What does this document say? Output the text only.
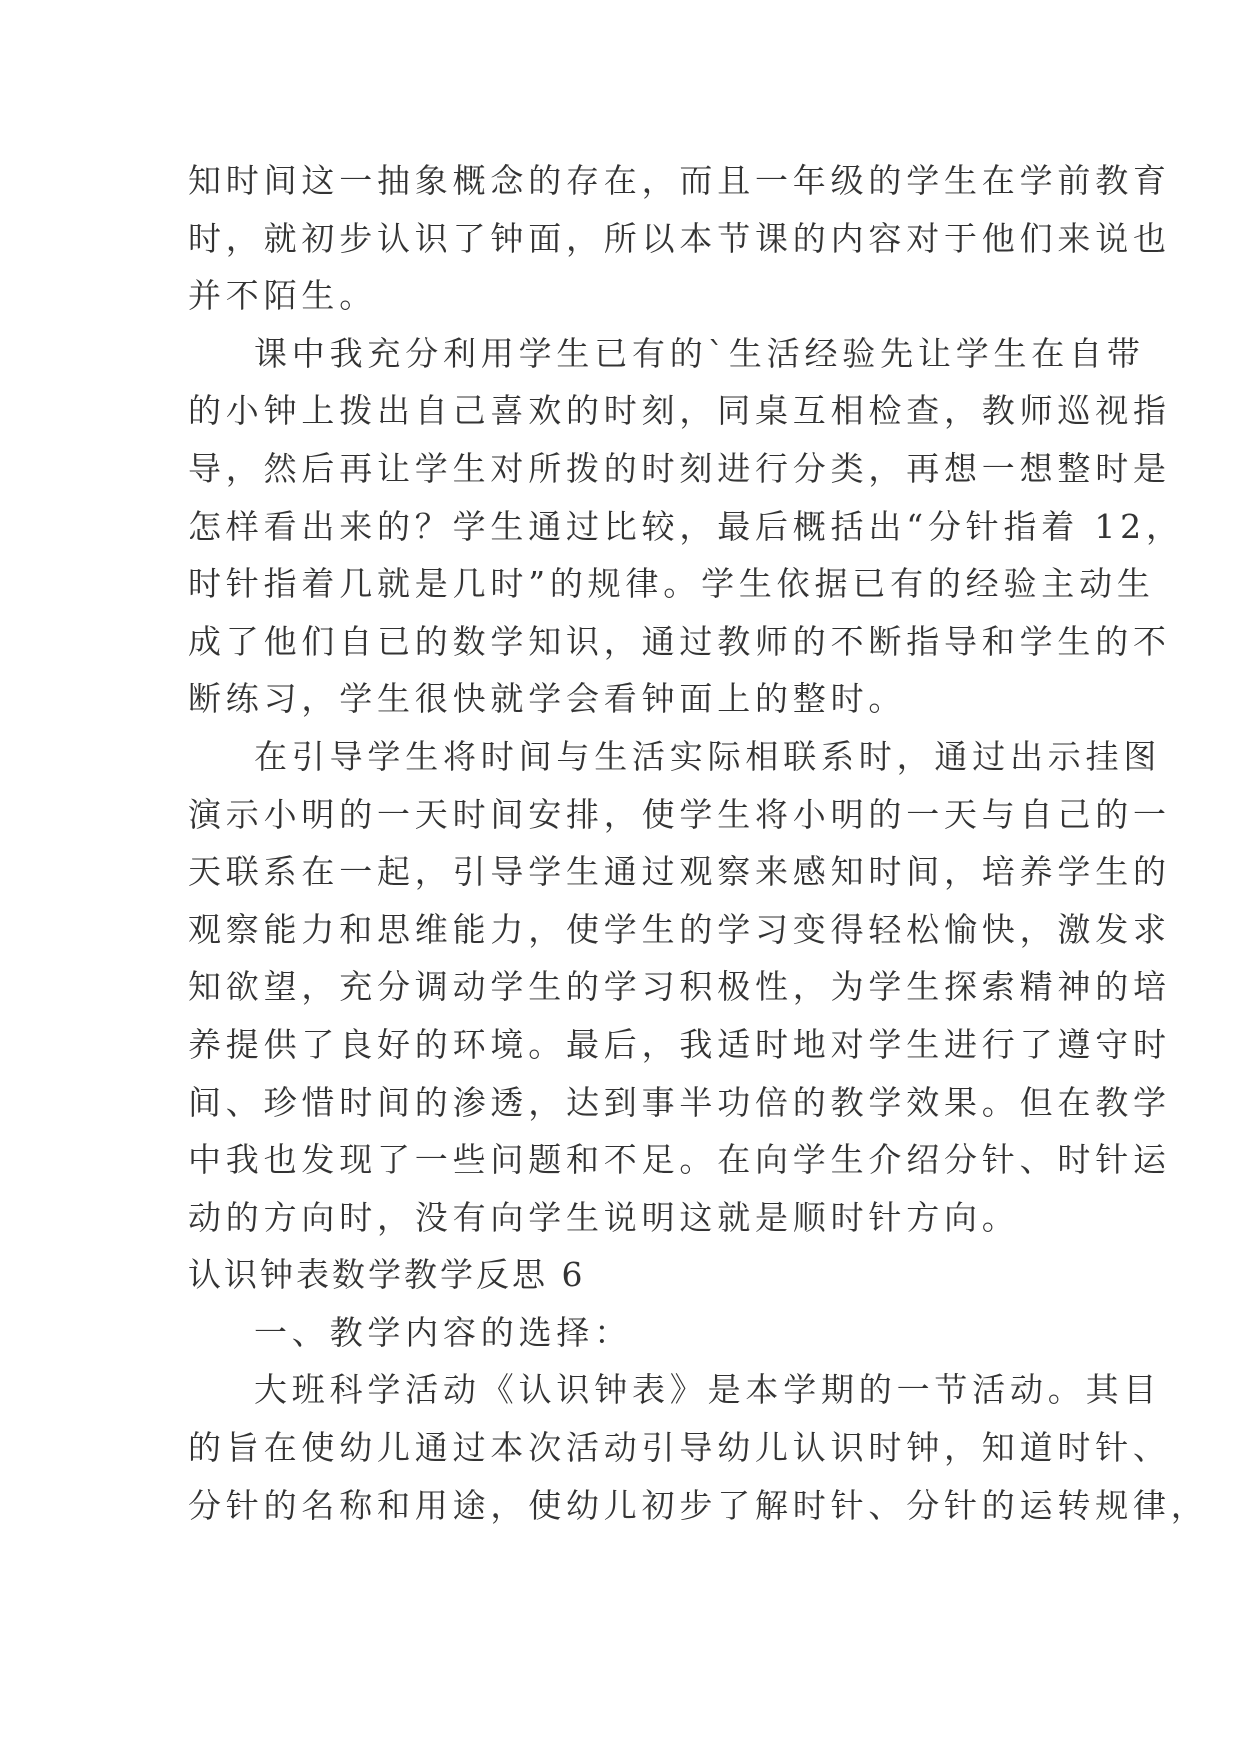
知时间这一抽象概念的存在，而且一年级的学生在学前教育
时，就初步认识了钟面，所以本节课的内容对于他们来说也
并不陌生。
课中我充分利用学生已有的`生活经验先让学生在自带
的小钟上拨出自己喜欢的时刻，同桌互相检查，教师巡视指
导，然后再让学生对所拨的时刻进行分类，再想一想整时是
怎样看出来的？学生通过比较，最后概括出“分针指着 12，
时针指着几就是几时”的规律。学生依据已有的经验主动生
成了他们自已的数学知识，通过教师的不断指导和学生的不
断练习，学生很快就学会看钟面上的整时。
在引导学生将时间与生活实际相联系时，通过出示挂图
演示小明的一天时间安排，使学生将小明的一天与自己的一
天联系在一起，引导学生通过观察来感知时间，培养学生的
观察能力和思维能力，使学生的学习变得轻松愉快，激发求
知欲望，充分调动学生的学习积极性，为学生探索精神的培
养提供了良好的环境。最后，我适时地对学生进行了遵守时
间、珍惜时间的渗透，达到事半功倍的教学效果。但在教学
中我也发现了一些问题和不足。在向学生介绍分针、时针运
动的方向时，没有向学生说明这就是顺时针方向。
认识钟表数学教学反思 6
一、教学内容的选择：
大班科学活动《认识钟表》是本学期的一节活动。其目
的旨在使幼儿通过本次活动引导幼儿认识时钟，知道时针、
分针的名称和用途，使幼儿初步了解时针、分针的运转规律，
